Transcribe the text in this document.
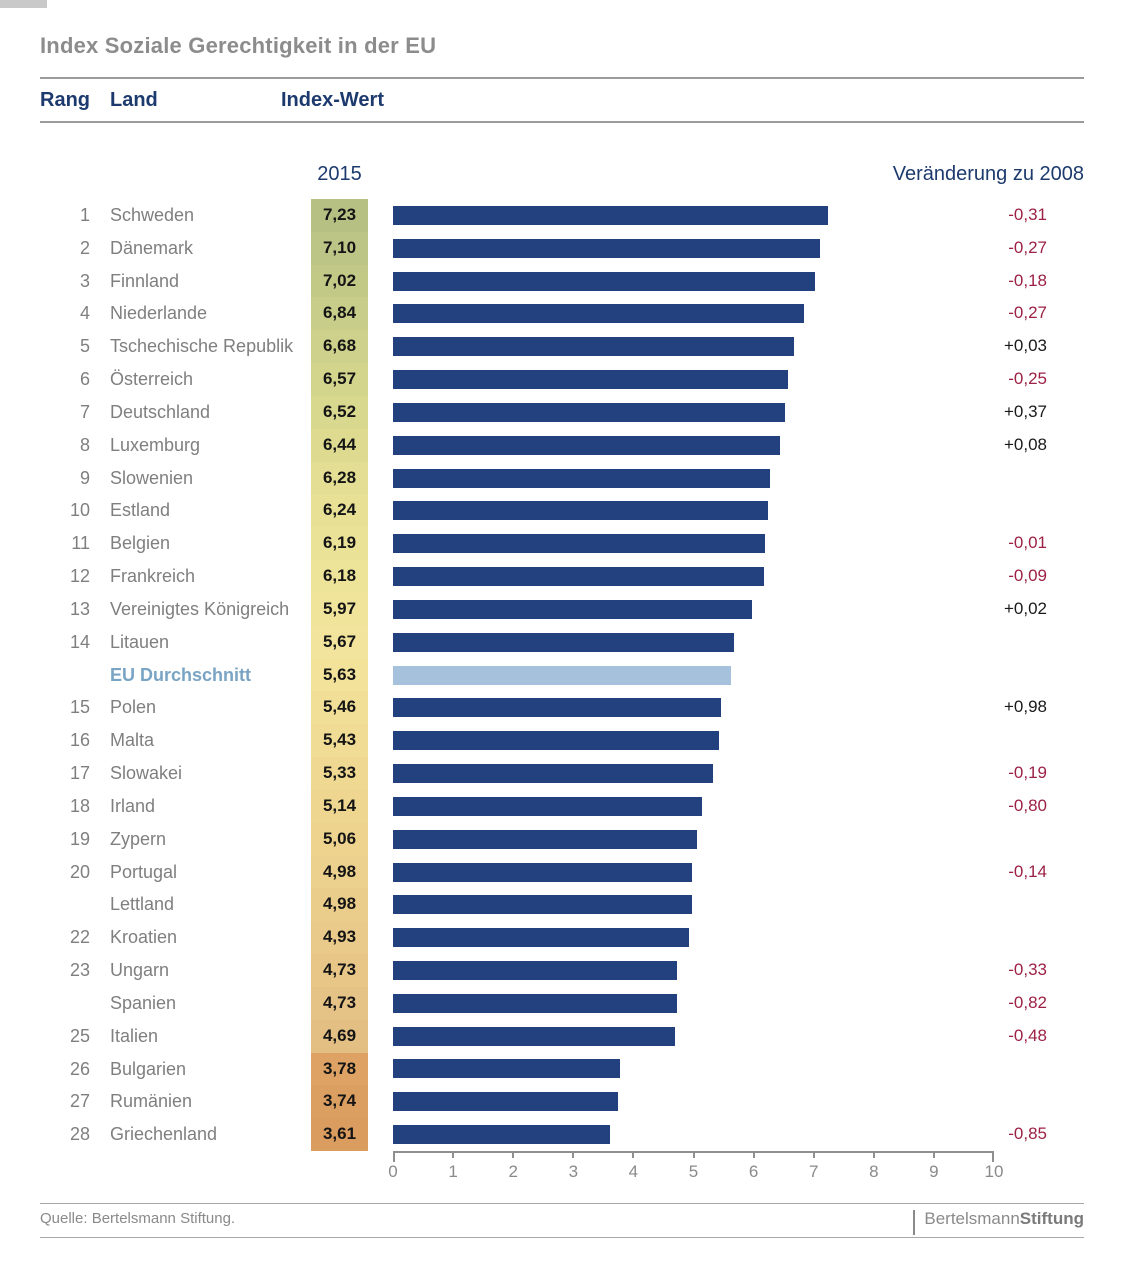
Index Soziale Gerechtigkeit in der EU
Rang Land	Index-Wert
2015	Veränderung zu 2008
1 Schweden	7,23	-0,31
2 Dänemark	7,10	-0,27
3 Finnland	7,02	-0,18
4 Niederlande	6,84	-0,27
5 Tschechische Republik	6,68	+0,03
6 Österreich	6,57	-0,25
7 Deutschland	6,52	+0,37
8 Luxemburg	6,44	+0,08
9 Slowenien	6,28
10 Estland	6,24
11 Belgien	6,19	-0,01
12 Frankreich	6,18	-0,09
13 Vereinigtes Königreich	5,97	+0,02
14 Litauen	5,67
EU Durchschnitt	5,63
15 Polen	5,46	+0,98
16 Malta	5,43
17 Slowakei	5,33	-0,19
18 Irland	5,14	-0,80
19 Zypern	5,06
20 Portugal	4,98	-0,14
Lettland	4,98
22 Kroatien	4,93
23 Ungarn	4,73	-0,33
Spanien	4,73	-0,82
25 Italien	4,69	-0,48
26 Bulgarien	3,78
27 Rumänien	3,74
28 Griechenland	3,61	-0,85
0	1	2	3	4	5	6	7	8	9	10
Quelle: Bertelsmann Stiftung.	BertelsmannStiftung
